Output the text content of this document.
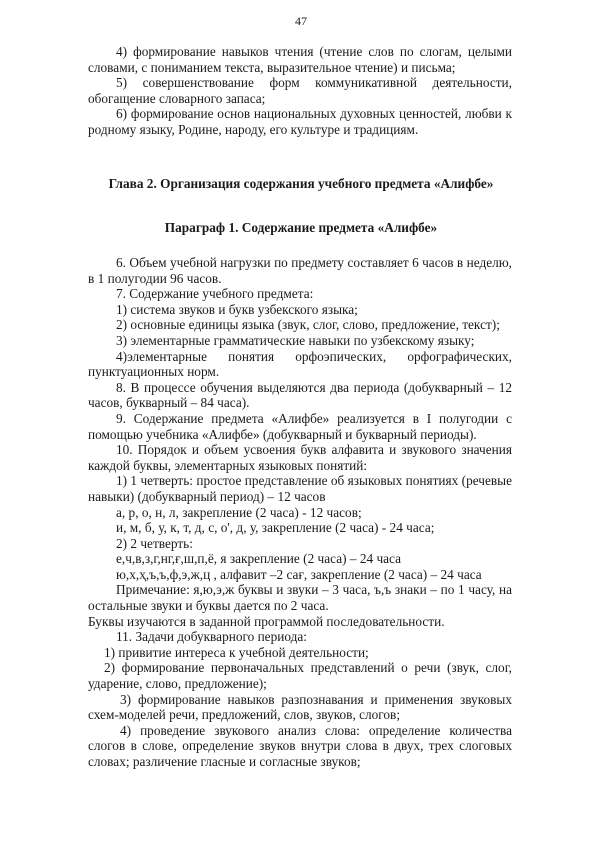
47

4) формирование навыков чтения (чтение слов по слогам, целыми словами, с пониманием текста, выразительное чтение) и письма;

5) совершенствование форм коммуникативной деятельности, обогащение словарного запаса;

6) формирование основ национальных духовных ценностей, любви к родному языку, Родине, народу, его культуре и традициям.

Глава 2. Организация содержания учебного предмета «Алифбе»
Параграф 1. Содержание предмета «Алифбе»

6. Объем учебной нагрузки по предмету составляет 6 часов в неделю, в 1 полугодии 96 часов.

7. Содержание учебного предмета:

1) система звуков и букв узбекского языка;

2) основные единицы языка (звук, слог, слово, предложение, текст);

3) элементарные грамматические навыки по узбекскому языку;

4)элементарные понятия орфоэпических, орфографических,

пунктуационных норм.

8. В процессе обучения выделяются два периода (добукварный – 12 часов, букварный – 84 часа).

9. Содержание предмета «Алифбе» реализуется в I полугодии с помощью учебника «Алифбе» (добукварный и букварный периоды).

10. Порядок и объем усвоения букв алфавита и звукового значения каждой буквы, элементарных языковых понятий:

1) 1 четверть: простое представление об языковых понятиях (речевые навыки) (добукварный период) – 12 часов

а, р, о, н, л, закрепление (2 часа) - 12 часов;

и, м, б, у, к, т, д, с, о', д, у, закрепление (2 часа) - 24 часа;

2) 2 четверть:

е,ч,в,з,г,нг,ғ,ш,п,ё, я закрепление (2 часа) – 24 часа

ю,х,ҳ,ъ,ъ,ф,э,ж,ц , алфавит –2 сағ, закрепление (2 часа) – 24 часа

Примечание: я,ю,э,ж буквы и звуки – 3 часа, ъ,ъ знаки – по 1 часу, на остальные звуки и буквы дается по 2 часа.

Буквы изучаются в заданной программой последовательности.

11. Задачи добукварного периода:

1) привитие интереса к учебной деятельности;

2) формирование первоначальных представлений о речи (звук, слог, ударение, слово, предложение);

3) формирование навыков разпознавания и применения звуковых схем-моделей речи, предложений, слов, звуков, слогов;

4) проведение звукового анализ слова: определение количества слогов в слове, определение звуков внутри слова в двух, трех слоговых словах; различение гласные и согласные звуков;
